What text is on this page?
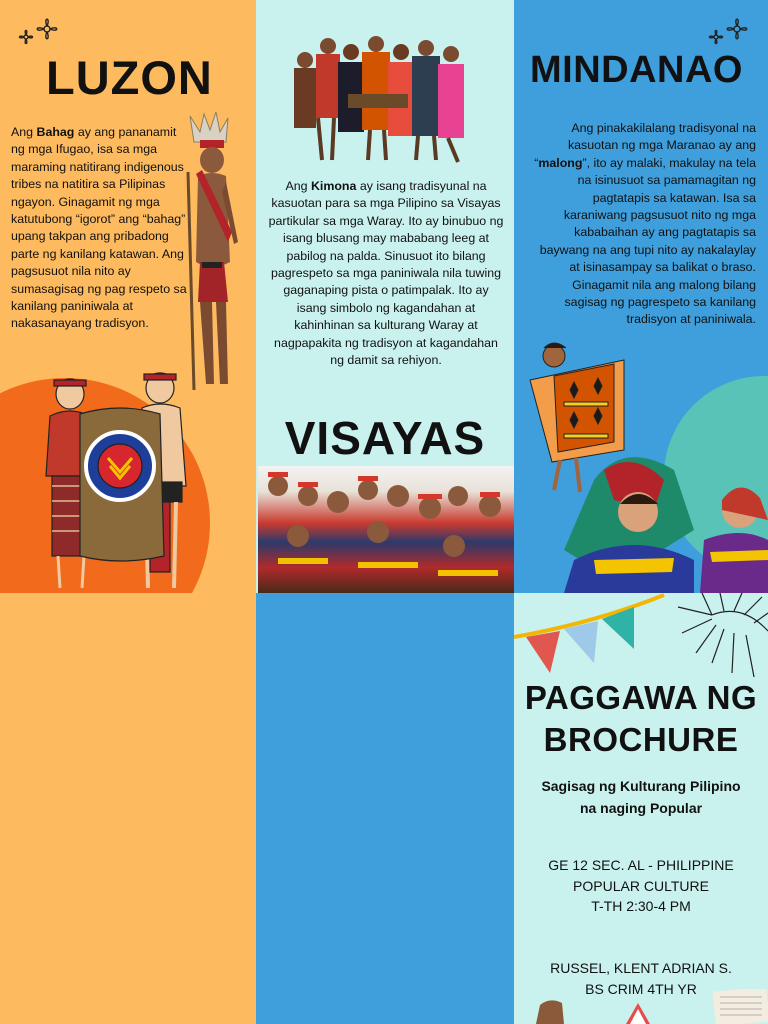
LUZON

Ang Bahag ay ang pananamit ng mga Ifugao, isa sa mga maraming natitirang indigenous tribes na natitira sa Pilipinas ngayon. Ginagamit ng mga katutubong “igorot” ang “bahag” upang takpan ang pribadong parte ng kanilang katawan. Ang pagsusuot nila nito ay sumasagisag ng pag respeto sa kanilang paniniwala at nakasanayang tradisyon.

Ang Kimona ay isang tradisyunal na kasuotan para sa mga Pilipino sa Visayas partikular sa mga Waray. Ito ay binubuo ng isang blusang may mababang leeg at pabilog na palda. Sinusuot ito bilang pagrespeto sa mga paniniwala nila tuwing gaganaping pista o patimpalak. Ito ay isang simbolo ng kagandahan at kahinhinan sa kulturang Waray at nagpapakita ng tradisyon at kagandahan ng damit sa rehiyon.

VISAYAS
MINDANAO

Ang pinakakilalang tradisyonal na kasuotan ng mga Maranao ay ang “malong”, ito ay malaki, makulay na tela na isinusuot sa pamamagitan ng pagtatapis sa katawan. Isa sa karaniwang pagsusuot nito ng mga kababaihan ay ang pagtatapis sa baywang na ang tupi nito ay nakalaylay at isinasampay sa balikat o braso. Ginagamit nila ang malong bilang sagisag ng pagrespeto sa kanilang tradisyon at paniniwala.

PAGGAWA NG
BROCHURE

Sagisag ng Kulturang Pilipino
na naging Popular

GE 12 SEC. AL - PHILIPPINE
POPULAR CULTURE
T-TH 2:30-4 PM

RUSSEL, KLENT ADRIAN S.
BS CRIM 4TH YR
